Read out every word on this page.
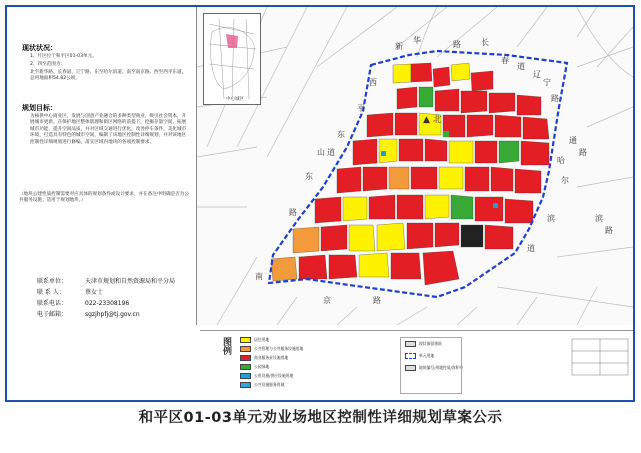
现状状况：
1、片区位于和平区01-03单元。
2、四至范围为：
北至新华路、长春道、辽宁路、东至哈尔滨道、南至南京路、西至西平东道，总用地面积54.82公顷。
规划目标：
为核供中心商业区，发展与创意产业融合的多种类型商业，吸引社会资本，开展城市更新。在保护地区整体肌理和街区网络的前提下，挖掘存量空间，拓展城市功能，提升空间品质，并对区域交通进行优化，改善停车条件，美化城市环境，打造具有特色的城市空间，编制了该地区控制性详细规划，并对该地区控制性详细规划进行修编，落实区域内地块的各项控制要求。
（地块公建性质控制需要对应具体的规划条件或设计要求，并在备注中明确是否为公共服务设施；适用于规划地块。）
联系单位：	天津市规划和自然资源局和平分局
联 系 人：	蔡女士
联系电话：	022-23308196
电子邮箱：	sgzjhpfj@tj.gov.cn
新
华	路	长
春
道
辽
宁
路
山
东
路
南
京	路
哈
尔
滨
道
西
平
东
道
通
路
滨
路
中心城区
▲ 北
图例	居住用地
公共管理与公共服务设施用地
商业服务业设施用地
公园绿地
公用设施/供应设施用地
公共设施服务用地
现状保留建筑
单元用地
地块编号/用地性质/容积率
和平区01-03单元劝业场地区控制性详细规划草案公示
